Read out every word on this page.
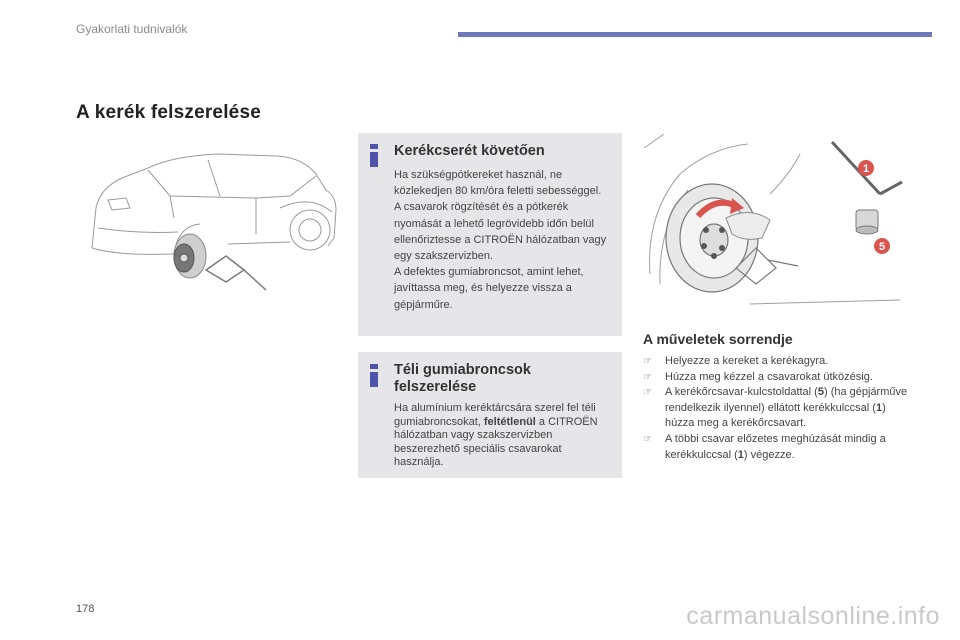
Gyakorlati tudnivalók
A kerék felszerelése
Kerékcserét követően

Ha szükségpótkereket használ, ne közlekedjen 80 km/óra feletti sebességgel.

A csavarok rögzítését és a pótkerék nyomását a lehető legrövidebb időn belül ellenőriztesse a CITROËN hálózatban vagy egy szakszervizben.

A defektes gumiabroncsot, amint lehet, javíttassa meg, és helyezze vissza a gépjárműre.

Téli gumiabroncsok felszerelése

Ha alumínium keréktárcsára szerel fel téli gumiabroncsokat, feltétlenül a CITROËN hálózatban vagy szakszervizben beszerezhető speciális csavarokat használja.

1
5
A műveletek sorrendje
☞ Helyezze a kereket a kerékagyra.
☞ Húzza meg kézzel a csavarokat ütközésig.
☞ A kerékőrcsavar-kulcstoldattal (5) (ha gépjárműve rendelkezik ilyennel) ellátott kerékkulccsal (1) húzza meg a kerékőrcsavart.
☞ A többi csavar előzetes meghúzását mindig a kerékkulccsal (1) végezze.
178	carmanualsonline.info
